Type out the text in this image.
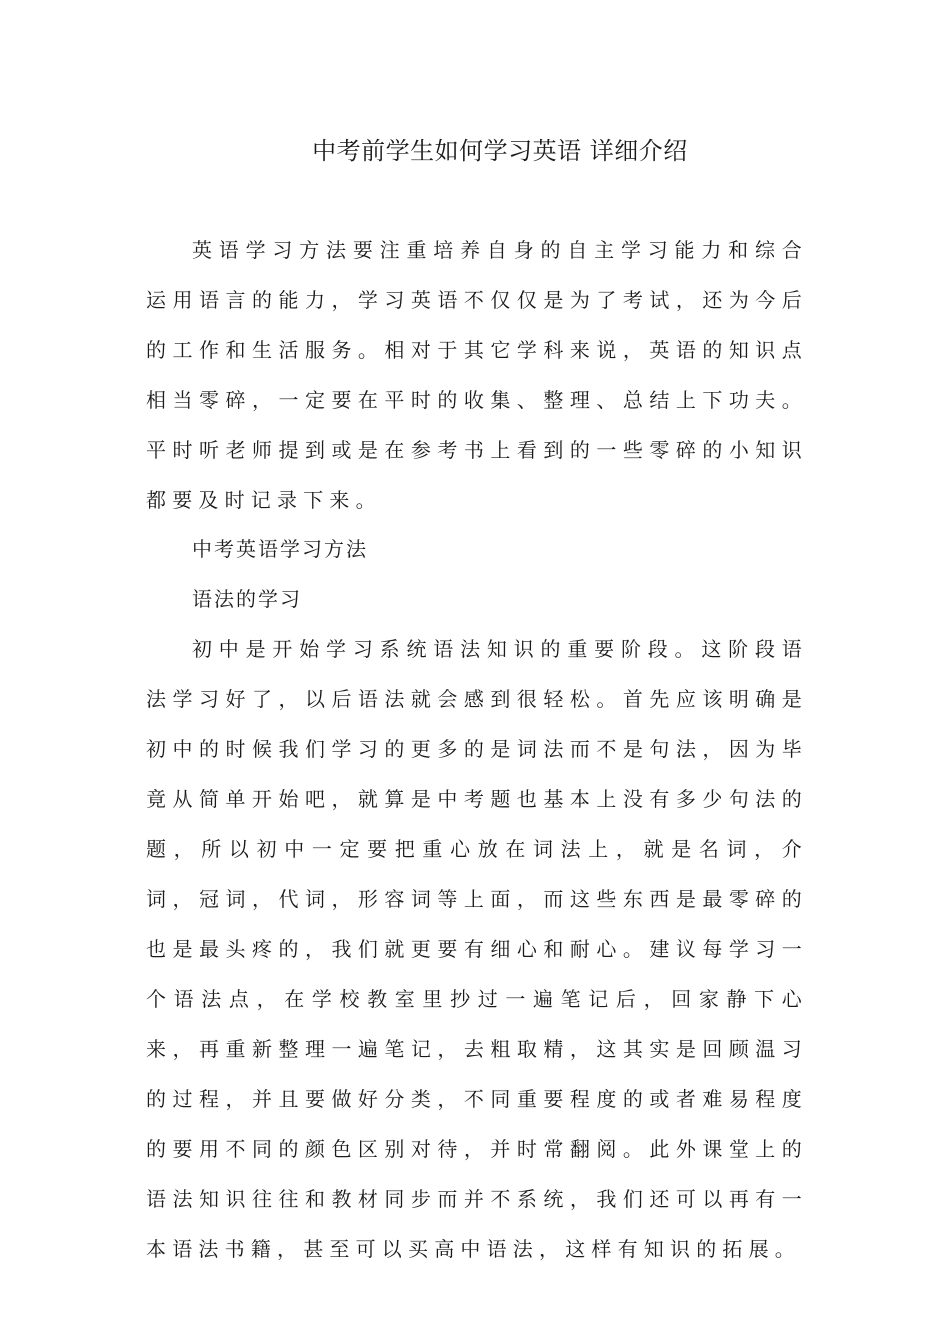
中考前学生如何学习英语 详细介绍

英语学习方法要注重培养自身的自主学习能力和综合运用语言的能力，学习英语不仅仅是为了考试，还为今后的工作和生活服务。相对于其它学科来说，英语的知识点相当零碎，一定要在平时的收集、整理、总结上下功夫。平时听老师提到或是在参考书上看到的一些零碎的小知识都要及时记录下来。

中考英语学习方法

语法的学习

初中是开始学习系统语法知识的重要阶段。这阶段语法学习好了，以后语法就会感到很轻松。首先应该明确是初中的时候我们学习的更多的是词法而不是句法，因为毕竟从简单开始吧，就算是中考题也基本上没有多少句法的题，所以初中一定要把重心放在词法上，就是名词，介词，冠词，代词，形容词等上面，而这些东西是最零碎的也是最头疼的，我们就更要有细心和耐心。建议每学习一个语法点，在学校教室里抄过一遍笔记后，回家静下心来，再重新整理一遍笔记，去粗取精，这其实是回顾温习的过程，并且要做好分类，不同重要程度的或者难易程度的要用不同的颜色区别对待，并时常翻阅。此外课堂上的语法知识往往和教材同步而并不系统，我们还可以再有一本语法书籍，甚至可以买高中语法，这样有知识的拓展。
